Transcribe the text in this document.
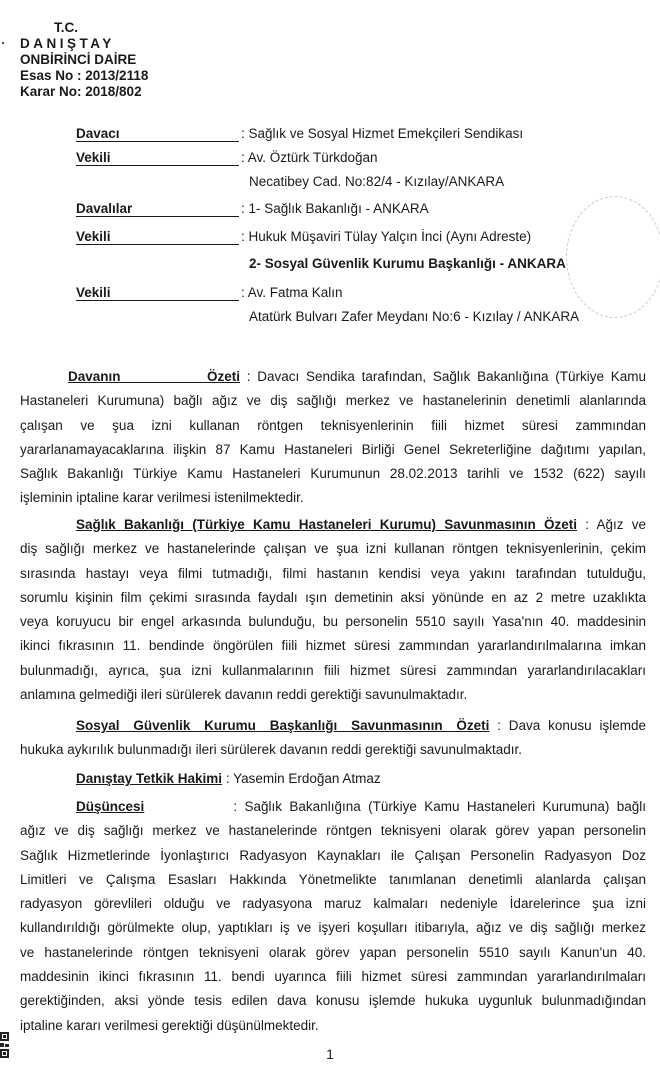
T.C.
DANIŞTAY
ONBİRİNCİ DAİRE
Esas No : 2013/2118
Karar No: 2018/802
Davacı	: Sağlık ve Sosyal Hizmet Emekçileri Sendikası
Vekili	: Av. Öztürk Türkdoğan
Necatibey Cad. No:82/4 - Kızılay/ANKARA
Davalılar	: 1- Sağlık Bakanlığı - ANKARA
Vekili	: Hukuk Müşaviri Tülay Yalçın İnci (Aynı Adreste)
2- Sosyal Güvenlik Kurumu Başkanlığı - ANKARA
Vekili	: Av. Fatma Kalın
Atatürk Bulvarı Zafer Meydanı No:6 - Kızılay / ANKARA
Davanın Özeti : Davacı Sendika tarafından, Sağlık Bakanlığına (Türkiye Kamu
Hastaneleri Kurumuna) bağlı ağız ve diş sağlığı merkez ve hastanelerinin denetimli alanlarında
çalışan ve şua izni kullanan röntgen teknisyenlerinin fiili hizmet süresi zammından
yararlanamayacaklarına ilişkin 87 Kamu Hastaneleri Birliği Genel Sekreterliğine dağıtımı yapılan,
Sağlık Bakanlığı Türkiye Kamu Hastaneleri Kurumunun 28.02.2013 tarihli ve 1532 (622) sayılı
işleminin iptaline karar verilmesi istenilmektedir.
Sağlık Bakanlığı (Türkiye Kamu Hastaneleri Kurumu) Savunmasının Özeti : Ağız ve
diş sağlığı merkez ve hastanelerinde çalışan ve şua izni kullanan röntgen teknisyenlerinin, çekim
sırasında hastayı veya filmi tutmadığı, filmi hastanın kendisi veya yakını tarafından tutulduğu,
sorumlu kişinin film çekimi sırasında faydalı ışın demetinin aksi yönünde en az 2 metre uzaklıkta
veya koruyucu bir engel arkasında bulunduğu, bu personelin 5510 sayılı Yasa'nın 40. maddesinin
ikinci fıkrasının 11. bendinde öngörülen fiili hizmet süresi zammından yararlandırılmalarına imkan
bulunmadığı, ayrıca, şua izni kullanmalarının fiili hizmet süresi zammından yararlandırılacakları
anlamına gelmediği ileri sürülerek davanın reddi gerektiği savunulmaktadır.
Sosyal Güvenlik Kurumu Başkanlığı Savunmasının Özeti : Dava konusu işlemde
hukuka aykırılık bulunmadığı ileri sürülerek davanın reddi gerektiği savunulmaktadır.
Danıştay Tetkik Hakimi : Yasemin Erdoğan Atmaz
Düşüncesi	: Sağlık Bakanlığına (Türkiye Kamu Hastaneleri Kurumuna) bağlı
ağız ve diş sağlığı merkez ve hastanelerinde röntgen teknisyeni olarak görev yapan personelin
Sağlık Hizmetlerinde İyonlaştırıcı Radyasyon Kaynakları ile Çalışan Personelin Radyasyon Doz
Limitleri ve Çalışma Esasları Hakkında Yönetmelikte tanımlanan denetimli alanlarda çalışan
radyasyon görevlileri olduğu ve radyasyona maruz kalmaları nedeniyle İdarelerince şua izni
kullandırıldığı görülmekte olup, yaptıkları iş ve işyeri koşulları itibarıyla, ağız ve diş sağlığı merkez
ve hastanelerinde röntgen teknisyeni olarak görev yapan personelin 5510 sayılı Kanun'un 40.
maddesinin ikinci fıkrasının 11. bendi uyarınca fiili hizmet süresi zammından yararlandırılmaları
gerektiğinden, aksi yönde tesis edilen dava konusu işlemde hukuka uygunluk bulunmadığından
iptaline kararı verilmesi gerektiği düşünülmektedir.
1
